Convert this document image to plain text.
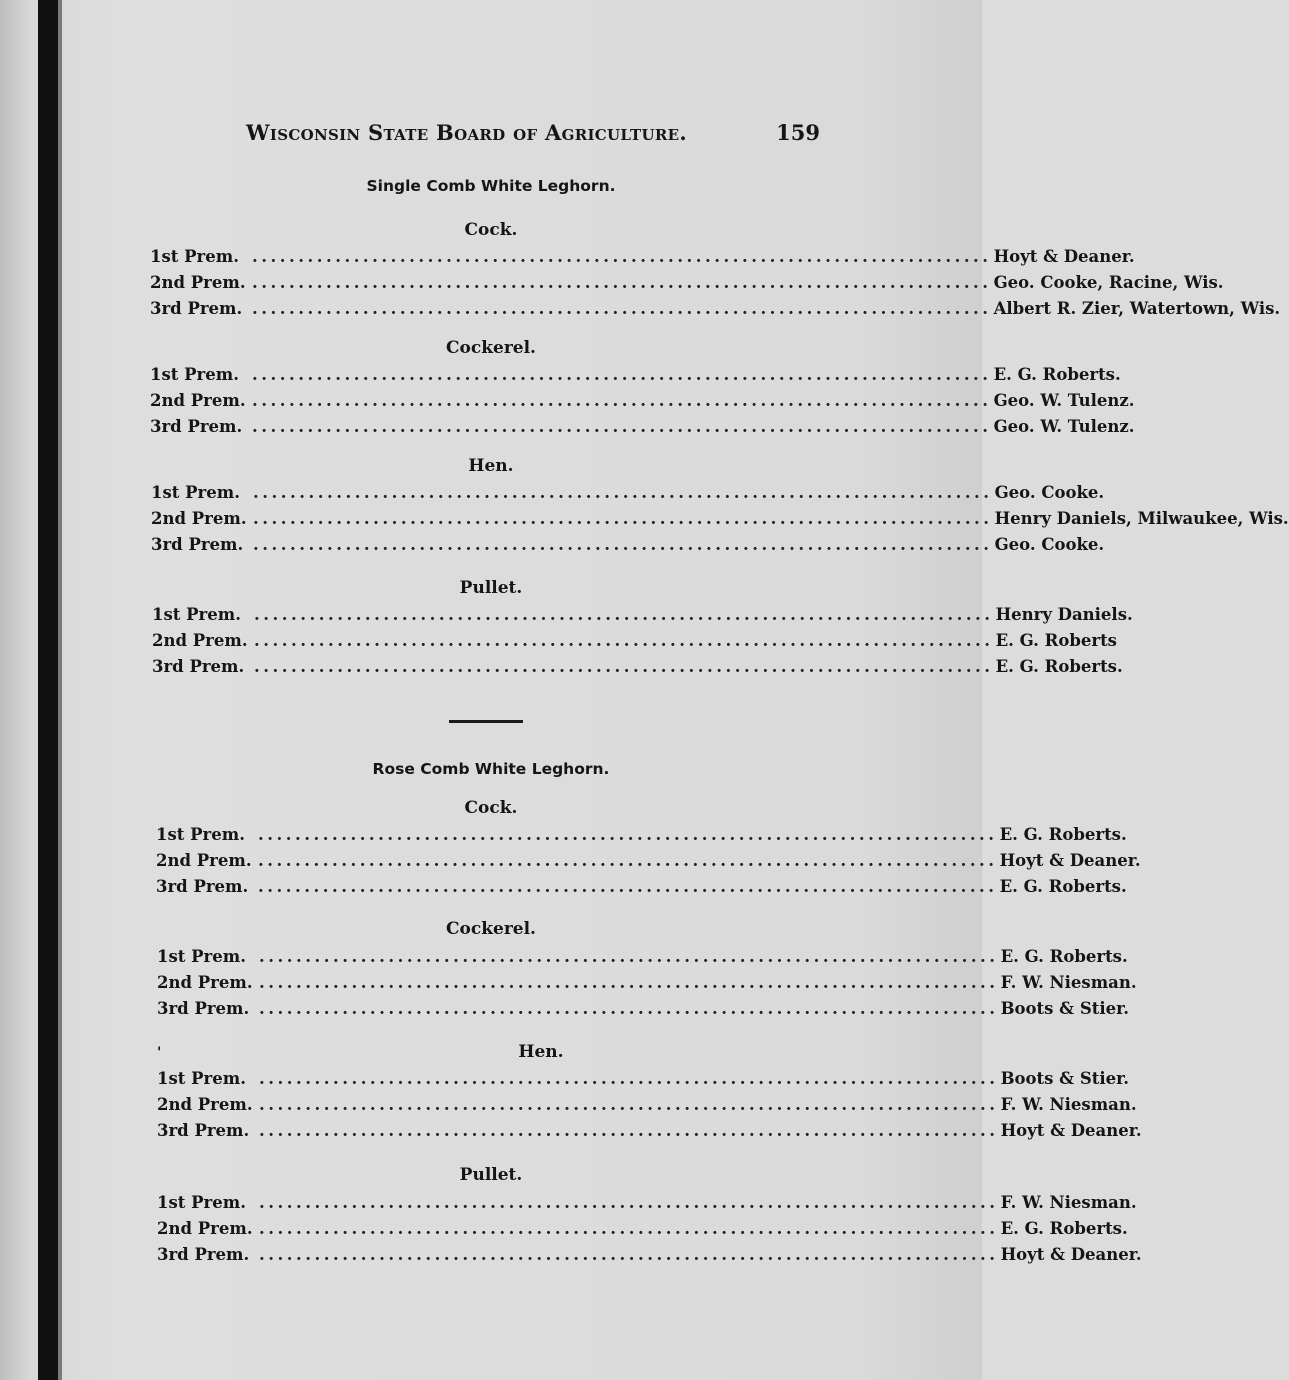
Wisconsin State Board of Agriculture.	159
Single Comb White Leghorn.
Cock.
1st Prem. ................................................................................ Hoyt & Deaner.
2nd Prem. ................................................................................ Geo. Cooke, Racine, Wis.
3rd Prem. ................................................................................ Albert R. Zier, Watertown, Wis.
Cockerel.
1st Prem. ................................................................................ E. G. Roberts.
2nd Prem. ................................................................................ Geo. W. Tulenz.
3rd Prem. ................................................................................ Geo. W. Tulenz.
Hen.
1st Prem. ................................................................................ Geo. Cooke.
2nd Prem. ................................................................................ Henry Daniels, Milwaukee, Wis.
3rd Prem. ................................................................................ Geo. Cooke.
Pullet.
1st Prem. ................................................................................ Henry Daniels.
2nd Prem. ................................................................................ E. G. Roberts
3rd Prem. ................................................................................ E. G. Roberts.
Rose Comb White Leghorn.
Cock.
1st Prem. ................................................................................ E. G. Roberts.
2nd Prem. ................................................................................ Hoyt & Deaner.
3rd Prem. ................................................................................ E. G. Roberts.
Cockerel.
1st Prem. ................................................................................ E. G. Roberts.
2nd Prem. ................................................................................ F. W. Niesman.
3rd Prem. ................................................................................ Boots & Stier.
'	Hen.
1st Prem. ................................................................................ Boots & Stier.
2nd Prem. ................................................................................ F. W. Niesman.
3rd Prem. ................................................................................ Hoyt & Deaner.
Pullet.
1st Prem. ................................................................................ F. W. Niesman.
2nd Prem. ................................................................................ E. G. Roberts.
3rd Prem. ................................................................................ Hoyt & Deaner.
